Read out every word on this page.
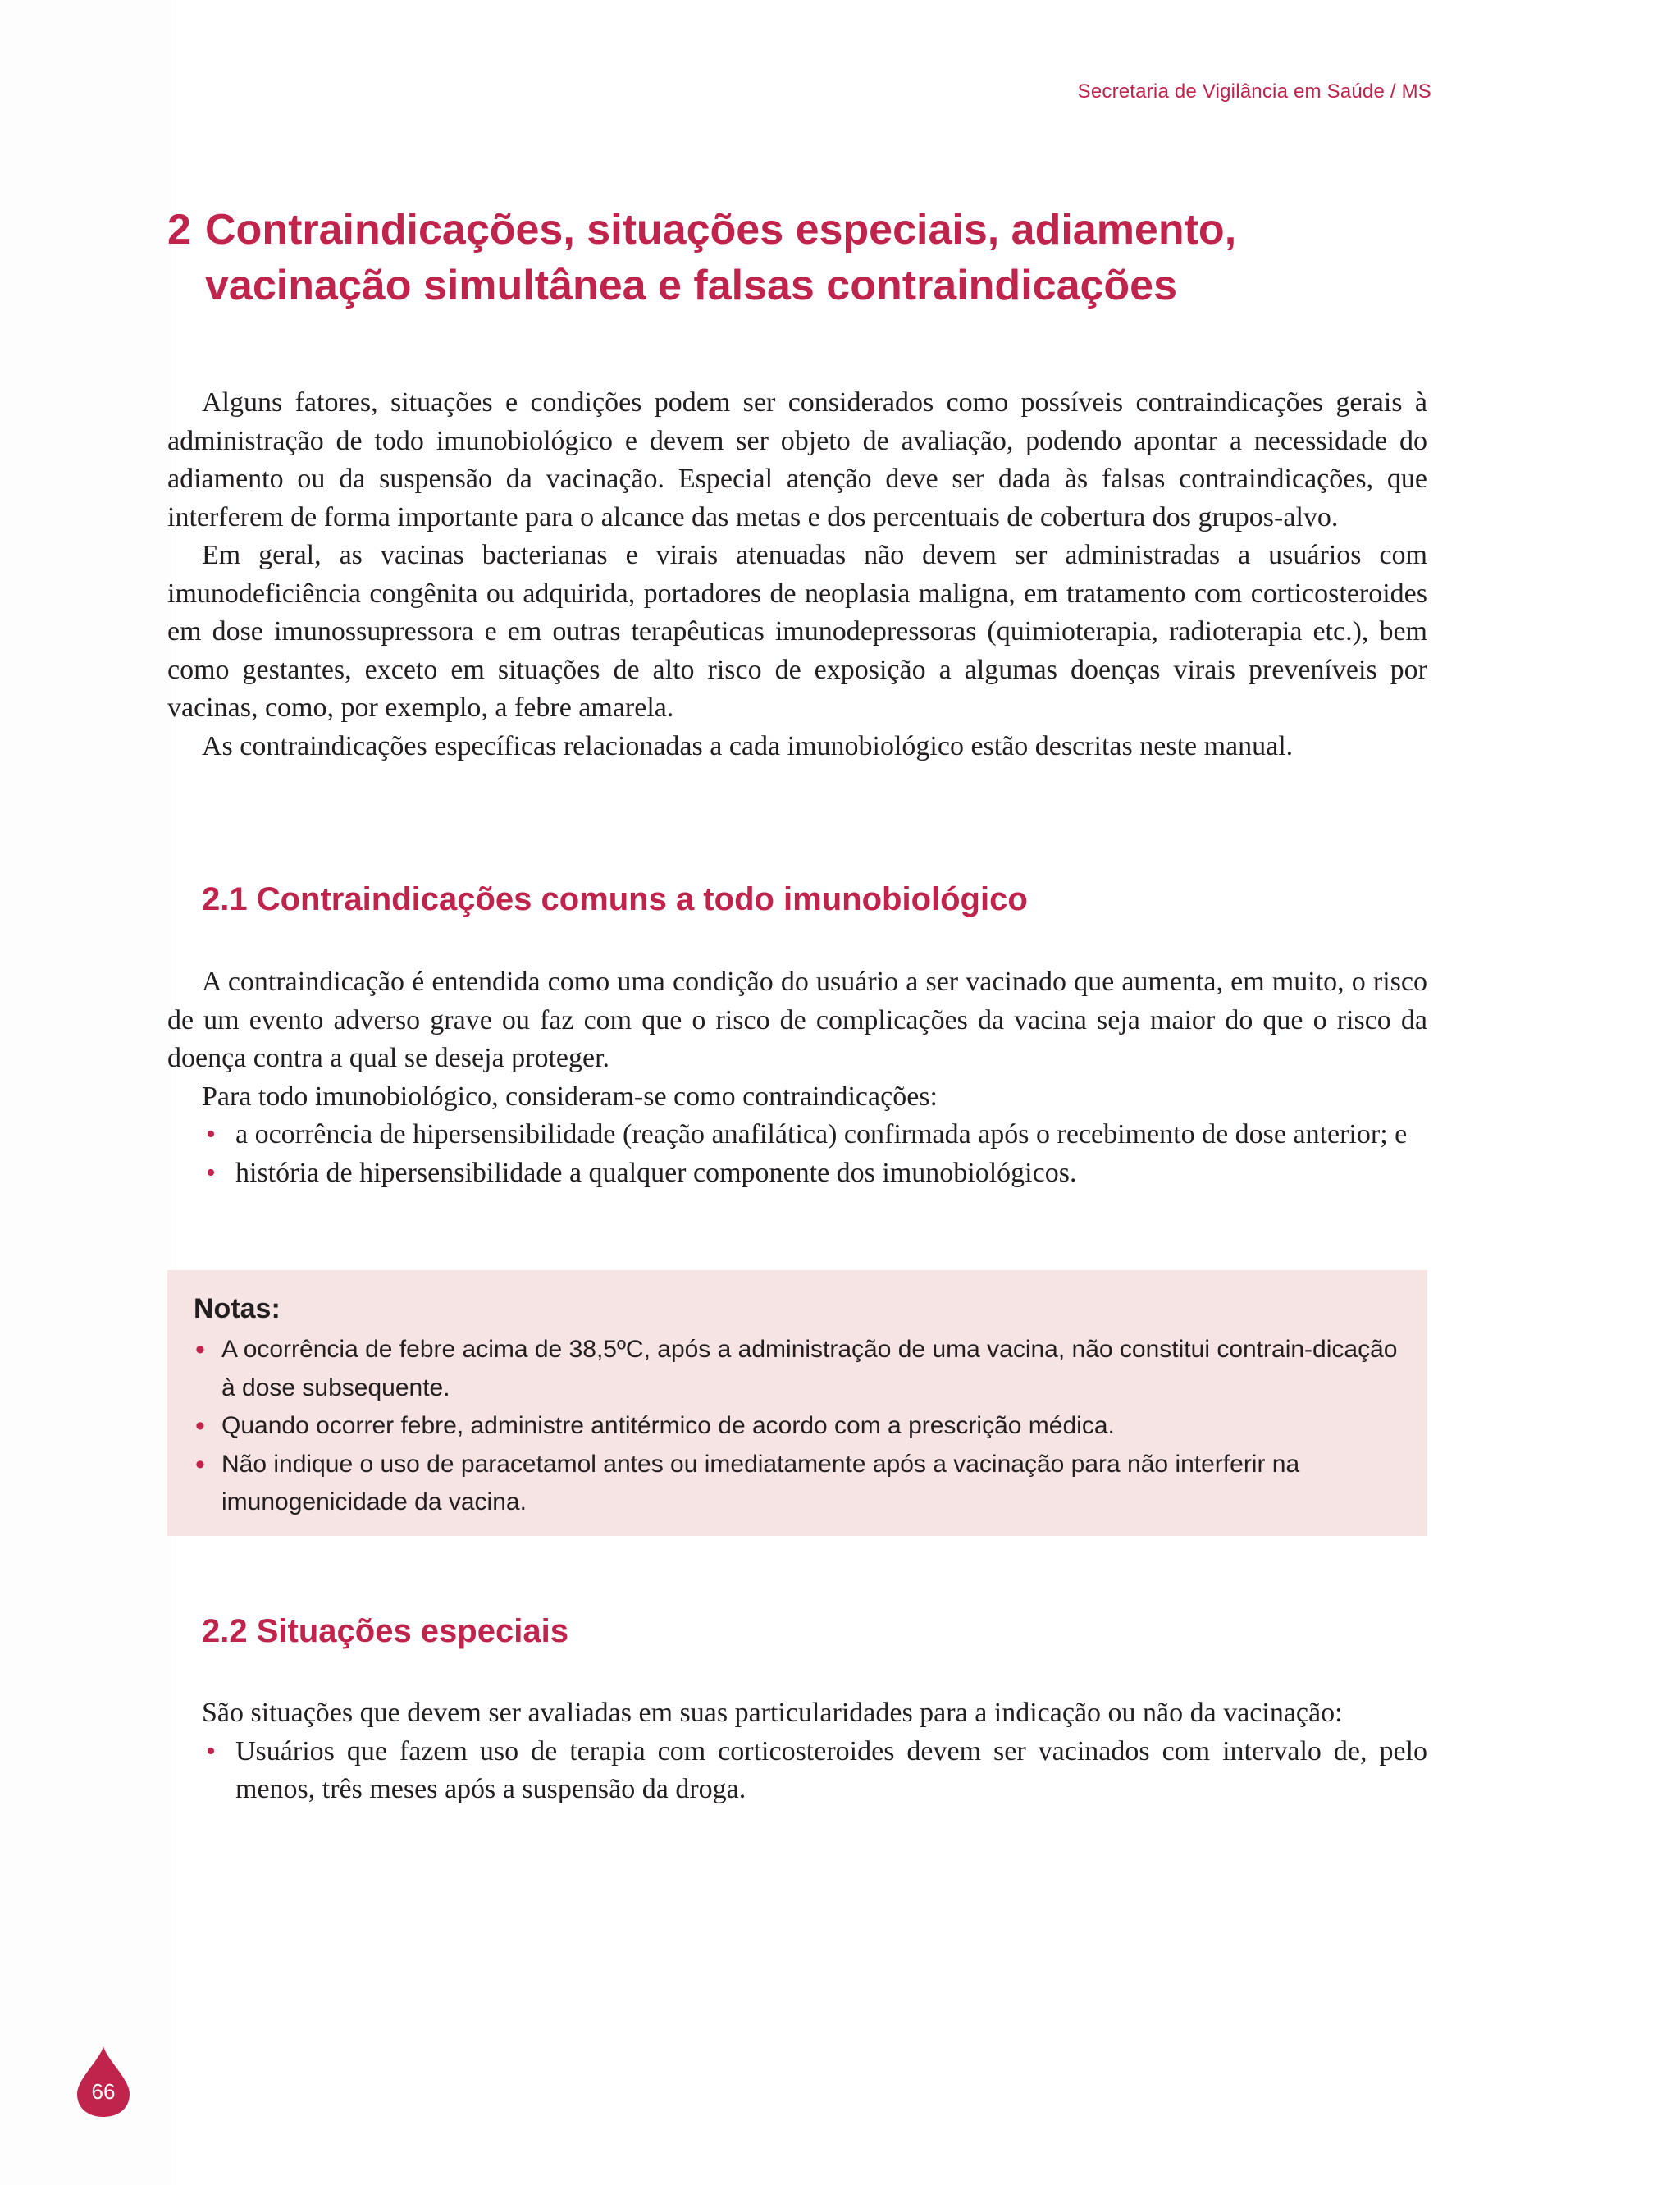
Secretaria de Vigilância em Saúde / MS
2 Contraindicações, situações especiais, adiamento,
vacinação simultânea e falsas contraindicações

Alguns fatores, situações e condições podem ser considerados como possíveis contraindicações gerais à administração de todo imunobiológico e devem ser objeto de avaliação, podendo apontar a necessidade do adiamento ou da suspensão da vacinação. Especial atenção deve ser dada às falsas contraindicações, que interferem de forma importante para o alcance das metas e dos percentuais de cobertura dos grupos-alvo.

Em geral, as vacinas bacterianas e virais atenuadas não devem ser administradas a usuários com imunodeficiência congênita ou adquirida, portadores de neoplasia maligna, em tratamento com corticosteroides em dose imunossupressora e em outras terapêuticas imunodepressoras (quimioterapia, radioterapia etc.), bem como gestantes, exceto em situações de alto risco de exposição a algumas doenças virais preveníveis por vacinas, como, por exemplo, a febre amarela.

As contraindicações específicas relacionadas a cada imunobiológico estão descritas neste manual.

2.1 Contraindicações comuns a todo imunobiológico

A contraindicação é entendida como uma condição do usuário a ser vacinado que aumenta, em muito, o risco de um evento adverso grave ou faz com que o risco de complicações da vacina seja maior do que o risco da doença contra a qual se deseja proteger.

Para todo imunobiológico, consideram-se como contraindicações:

• a ocorrência de hipersensibilidade (reação anafilática) confirmada após o recebimento de dose anterior; e
• história de hipersensibilidade a qualquer componente dos imunobiológicos.
Notas:
• A ocorrência de febre acima de 38,5ºC, após a administração de uma vacina, não constitui contrain-dicação à dose subsequente.
• Quando ocorrer febre, administre antitérmico de acordo com a prescrição médica.
• Não indique o uso de paracetamol antes ou imediatamente após a vacinação para não interferir na imunogenicidade da vacina.
2.2 Situações especiais

São situações que devem ser avaliadas em suas particularidades para a indicação ou não da vacinação:

• Usuários que fazem uso de terapia com corticosteroides devem ser vacinados com intervalo de, pelo menos, três meses após a suspensão da droga.
66
